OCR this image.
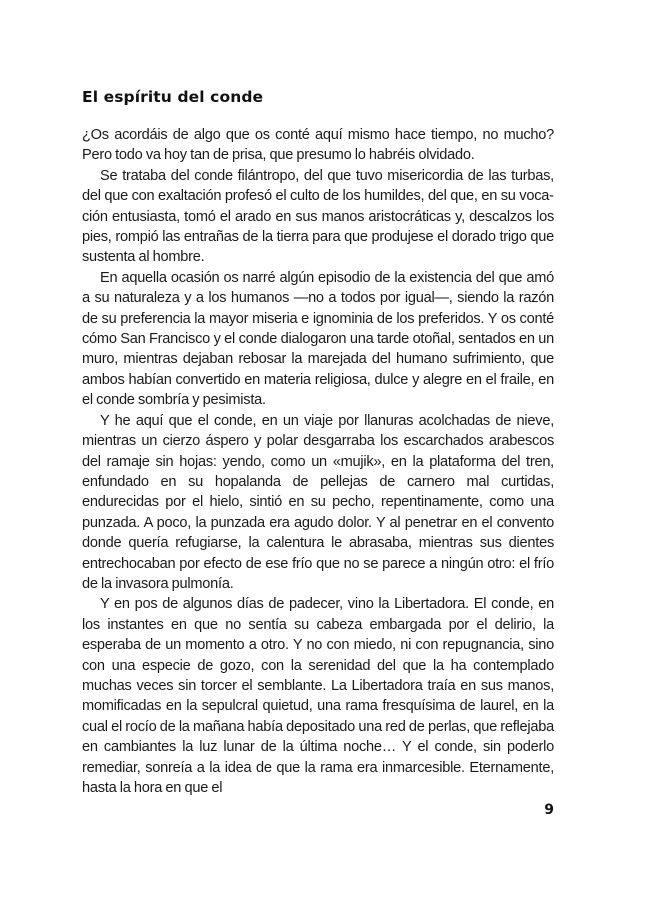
El espíritu del conde

¿Os acordáis de algo que os conté aquí mismo hace tiempo, no mucho? Pero todo va hoy tan de prisa, que presumo lo habréis olvidado.

Se trataba del conde filántropo, del que tuvo misericordia de las turbas, del que con exaltación profesó el culto de los humildes, del que, en su vocación entusiasta, tomó el arado en sus manos aristocráticas y, descalzos los pies, rompió las entrañas de la tierra para que produjese el dorado trigo que sustenta al hombre.

En aquella ocasión os narré algún episodio de la existencia del que amó a su naturaleza y a los humanos —no a todos por igual—, siendo la razón de su preferencia la mayor miseria e ignominia de los preferidos. Y os conté cómo San Francisco y el conde dialogaron una tarde otoñal, sentados en un muro, mientras dejaban rebosar la marejada del humano sufrimiento, que ambos habían convertido en materia religiosa, dulce y alegre en el fraile, en el conde sombría y pesimista.

Y he aquí que el conde, en un viaje por llanuras acolchadas de nieve, mientras un cierzo áspero y polar desgarraba los escarchados arabescos del ramaje sin hojas: yendo, como un «mujik», en la plataforma del tren, enfundado en su hopalanda de pellejas de carnero mal curtidas, endurecidas por el hielo, sintió en su pecho, repentinamente, como una punzada. A poco, la punzada era agudo dolor. Y al penetrar en el convento donde quería refugiarse, la calentura le abrasaba, mientras sus dientes entrechocaban por efecto de ese frío que no se parece a ningún otro: el frío de la invasora pulmonía.

Y en pos de algunos días de padecer, vino la Libertadora. El conde, en los instantes en que no sentía su cabeza embargada por el delirio, la esperaba de un momento a otro. Y no con miedo, ni con repugnancia, sino con una especie de gozo, con la serenidad del que la ha contemplado muchas veces sin torcer el semblante. La Libertadora traía en sus manos, momificadas en la sepulcral quietud, una rama fresquísima de laurel, en la cual el rocío de la mañana había depositado una red de perlas, que reflejaba en cambiantes la luz lunar de la última noche… Y el conde, sin poderlo remediar, sonreía a la idea de que la rama era inmarcesible. Eternamente, hasta la hora en que el

9
